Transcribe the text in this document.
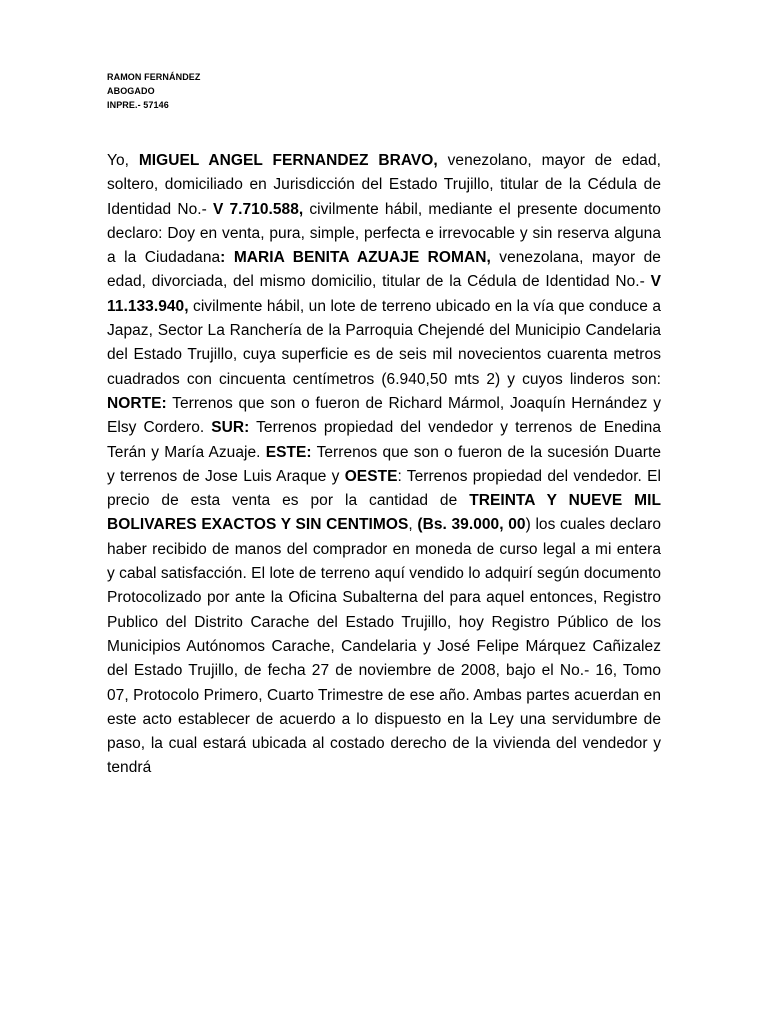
RAMON FERNÁNDEZ
ABOGADO
INPRE.- 57146
Yo, MIGUEL ANGEL FERNANDEZ BRAVO, venezolano, mayor de edad, soltero, domiciliado en Jurisdicción del Estado Trujillo, titular de la Cédula de Identidad No.- V 7.710.588, civilmente hábil, mediante el presente documento declaro: Doy en venta, pura, simple, perfecta e irrevocable y sin reserva alguna a la Ciudadana: MARIA BENITA AZUAJE ROMAN, venezolana, mayor de edad, divorciada, del mismo domicilio, titular de la Cédula de Identidad No.- V 11.133.940, civilmente hábil, un lote de terreno ubicado en la vía que conduce a Japaz, Sector La Ranchería de la Parroquia Chejendé del Municipio Candelaria del Estado Trujillo, cuya superficie es de seis mil novecientos cuarenta metros cuadrados con cincuenta centímetros (6.940,50 mts 2) y cuyos linderos son: NORTE: Terrenos que son o fueron de Richard Mármol, Joaquín Hernández y Elsy Cordero. SUR: Terrenos propiedad del vendedor y terrenos de Enedina Terán y María Azuaje. ESTE: Terrenos que son o fueron de la sucesión Duarte y terrenos de Jose Luis Araque y OESTE: Terrenos propiedad del vendedor. El precio de esta venta es por la cantidad de TREINTA Y NUEVE MIL BOLIVARES EXACTOS Y SIN CENTIMOS, (Bs. 39.000, 00) los cuales declaro haber recibido de manos del comprador en moneda de curso legal a mi entera y cabal satisfacción. El lote de terreno aquí vendido lo adquirí según documento Protocolizado por ante la Oficina Subalterna del para aquel entonces, Registro Publico del Distrito Carache del Estado Trujillo, hoy Registro Público de los Municipios Autónomos Carache, Candelaria y José Felipe Márquez Cañizalez del Estado Trujillo, de fecha 27 de noviembre de 2008, bajo el No.- 16, Tomo 07, Protocolo Primero, Cuarto Trimestre de ese año. Ambas partes acuerdan en este acto establecer de acuerdo a lo dispuesto en la Ley una servidumbre de paso, la cual estará ubicada al costado derecho de la vivienda del vendedor y tendrá
